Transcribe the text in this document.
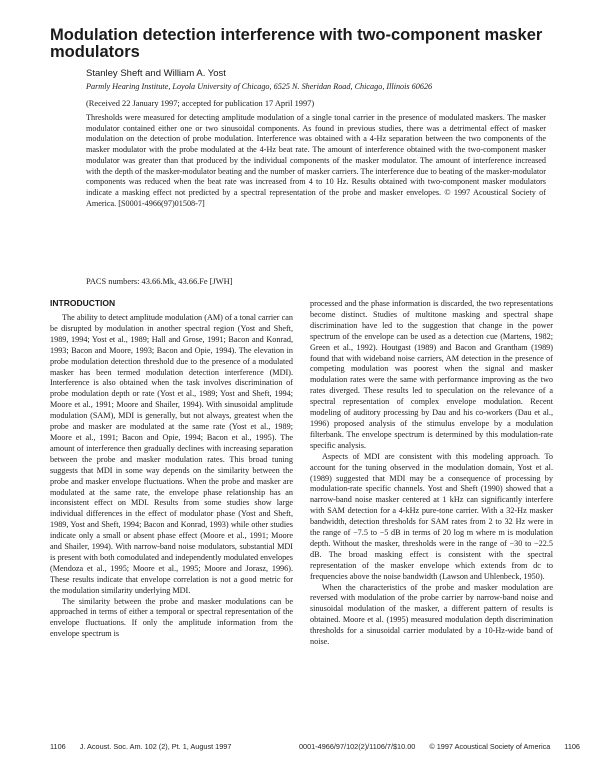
Modulation detection interference with two-component masker modulators
Stanley Sheft and William A. Yost
Parmly Hearing Institute, Loyola University of Chicago, 6525 N. Sheridan Road, Chicago, Illinois 60626
(Received 22 January 1997; accepted for publication 17 April 1997)

Thresholds were measured for detecting amplitude modulation of a single tonal carrier in the presence of modulated maskers. The masker modulator contained either one or two sinusoidal components. As found in previous studies, there was a detrimental effect of masker modulation on the detection of probe modulation. Interference was obtained with a 4-Hz separation between the two components of the masker modulator with the probe modulated at the 4-Hz beat rate. The amount of interference obtained with the two-component masker modulator was greater than that produced by the individual components of the masker modulator. The amount of interference increased with the depth of the masker-modulator beating and the number of masker carriers. The interference due to beating of the masker-modulator components was reduced when the beat rate was increased from 4 to 10 Hz. Results obtained with two-component masker modulators indicate a masking effect not predicted by a spectral representation of the probe and masker envelopes. © 1997 Acoustical Society of America. [S0001-4966(97)01508-7]

PACS numbers: 43.66.Mk, 43.66.Fe [JWH]
INTRODUCTION

The ability to detect amplitude modulation (AM) of a tonal carrier can be disrupted by modulation in another spectral region (Yost and Sheft, 1989, 1994; Yost et al., 1989; Hall and Grose, 1991; Bacon and Konrad, 1993; Bacon and Moore, 1993; Bacon and Opie, 1994). The elevation in probe modulation detection threshold due to the presence of a modulated masker has been termed modulation detection interference (MDI). Interference is also obtained when the task involves discrimination of probe modulation depth or rate (Yost et al., 1989; Yost and Sheft, 1994; Moore et al., 1991; Moore and Shailer, 1994). With sinusoidal amplitude modulation (SAM), MDI is generally, but not always, greatest when the probe and masker are modulated at the same rate (Yost et al., 1989; Moore et al., 1991; Bacon and Opie, 1994; Bacon et al., 1995). The amount of interference then gradually declines with increasing separation between the probe and masker modulation rates. This broad tuning suggests that MDI in some way depends on the similarity between the probe and masker envelope fluctuations. When the probe and masker are modulated at the same rate, the envelope phase relationship has an inconsistent effect on MDI. Results from some studies show large individual differences in the effect of modulator phase (Yost and Sheft, 1989, Yost and Sheft, 1994; Bacon and Konrad, 1993) while other studies indicate only a small or absent phase effect (Moore et al., 1991; Moore and Shailer, 1994). With narrow-band noise modulators, substantial MDI is present with both comodulated and independently modulated envelopes (Mendoza et al., 1995; Moore et al., 1995; Moore and Jorasz, 1996). These results indicate that envelope correlation is not a good metric for the modulation similarity underlying MDI.

The similarity between the probe and masker modulations can be approached in terms of either a temporal or spectral representation of the envelope fluctuations. If only the amplitude information from the envelope spectrum is

processed and the phase information is discarded, the two representations become distinct. Studies of multitone masking and spectral shape discrimination have led to the suggestion that change in the power spectrum of the envelope can be used as a detection cue (Martens, 1982; Green et al., 1992). Houtgast (1989) and Bacon and Grantham (1989) found that with wideband noise carriers, AM detection in the presence of competing modulation was poorest when the signal and masker modulation rates were the same with performance improving as the two rates diverged. These results led to speculation on the relevance of a spectral representation of complex envelope modulation. Recent modeling of auditory processing by Dau and his co-workers (Dau et al., 1996) proposed analysis of the stimulus envelope by a modulation filterbank. The envelope spectrum is determined by this modulation-rate specific analysis.

Aspects of MDI are consistent with this modeling approach. To account for the tuning observed in the modulation domain, Yost et al. (1989) suggested that MDI may be a consequence of processing by modulation-rate specific channels. Yost and Sheft (1990) showed that a narrow-band noise masker centered at 1 kHz can significantly interfere with SAM detection for a 4-kHz pure-tone carrier. With a 32-Hz masker bandwidth, detection thresholds for SAM rates from 2 to 32 Hz were in the range of −7.5 to −5 dB in terms of 20 log m where m is modulation depth. Without the masker, thresholds were in the range of −30 to −22.5 dB. The broad masking effect is consistent with the spectral representation of the masker envelope which extends from dc to frequencies above the noise bandwidth (Lawson and Uhlenbeck, 1950).

When the characteristics of the probe and masker modulation are reversed with modulation of the probe carrier by narrow-band noise and sinusoidal modulation of the masker, a different pattern of results is obtained. Moore et al. (1995) measured modulation depth discrimination thresholds for a sinusoidal carrier modulated by a 10-Hz-wide band of noise.

1106	J. Acoust. Soc. Am. 102 (2), Pt. 1, August 1997	0001-4966/97/102(2)/1106/7/$10.00	© 1997 Acoustical Society of America	1106
